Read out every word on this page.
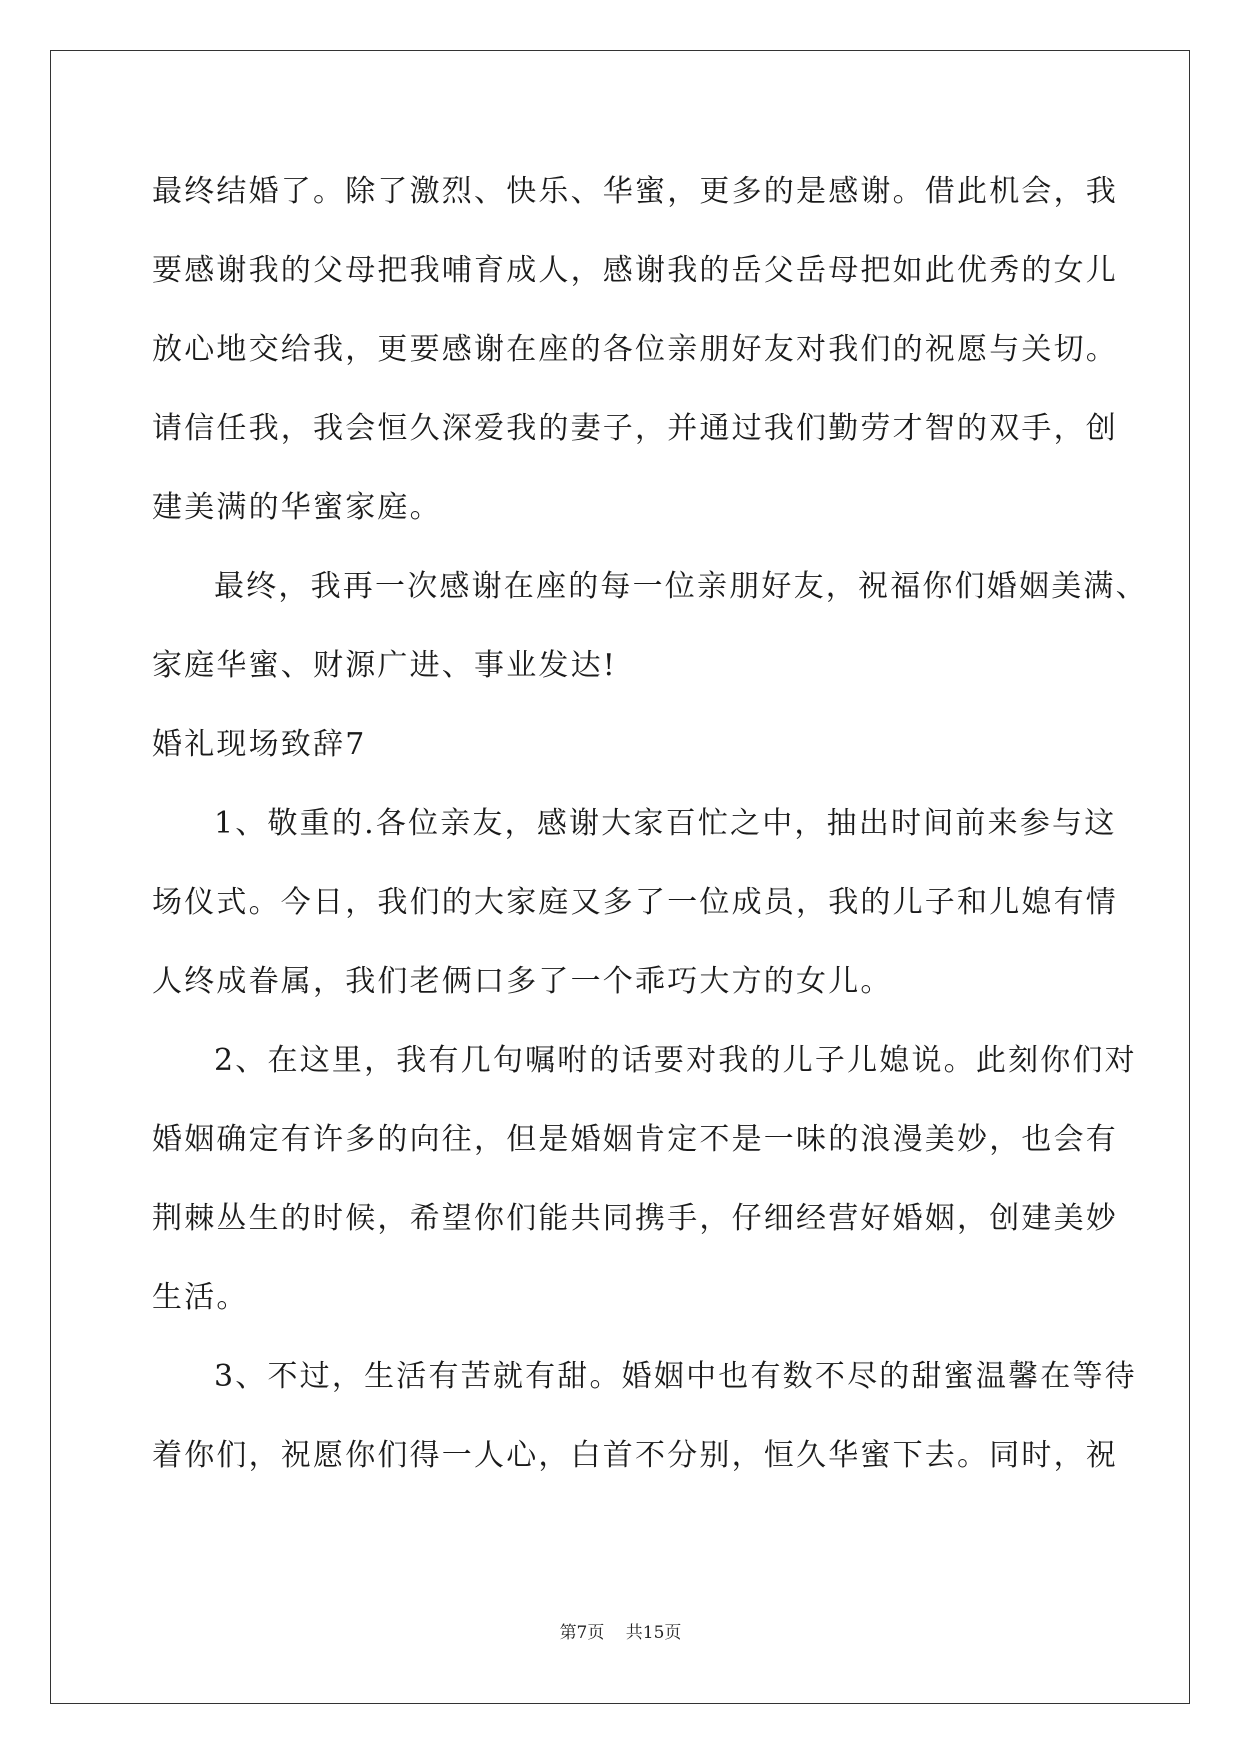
最终结婚了。除了激烈、快乐、华蜜，更多的是感谢。借此机会，我
要感谢我的父母把我哺育成人，感谢我的岳父岳母把如此优秀的女儿
放心地交给我，更要感谢在座的各位亲朋好友对我们的祝愿与关切。
请信任我，我会恒久深爱我的妻子，并通过我们勤劳才智的双手，创
建美满的华蜜家庭。
最终，我再一次感谢在座的每一位亲朋好友，祝福你们婚姻美满、
家庭华蜜、财源广进、事业发达!
婚礼现场致辞7
1、敬重的.各位亲友，感谢大家百忙之中，抽出时间前来参与这
场仪式。今日，我们的大家庭又多了一位成员，我的儿子和儿媳有情
人终成眷属，我们老俩口多了一个乖巧大方的女儿。
2、在这里，我有几句嘱咐的话要对我的儿子儿媳说。此刻你们对
婚姻确定有许多的向往，但是婚姻肯定不是一味的浪漫美妙，也会有
荆棘丛生的时候，希望你们能共同携手，仔细经营好婚姻，创建美妙
生活。
3、不过，生活有苦就有甜。婚姻中也有数不尽的甜蜜温馨在等待
着你们，祝愿你们得一人心，白首不分别，恒久华蜜下去。同时，祝
第7页 共15页
